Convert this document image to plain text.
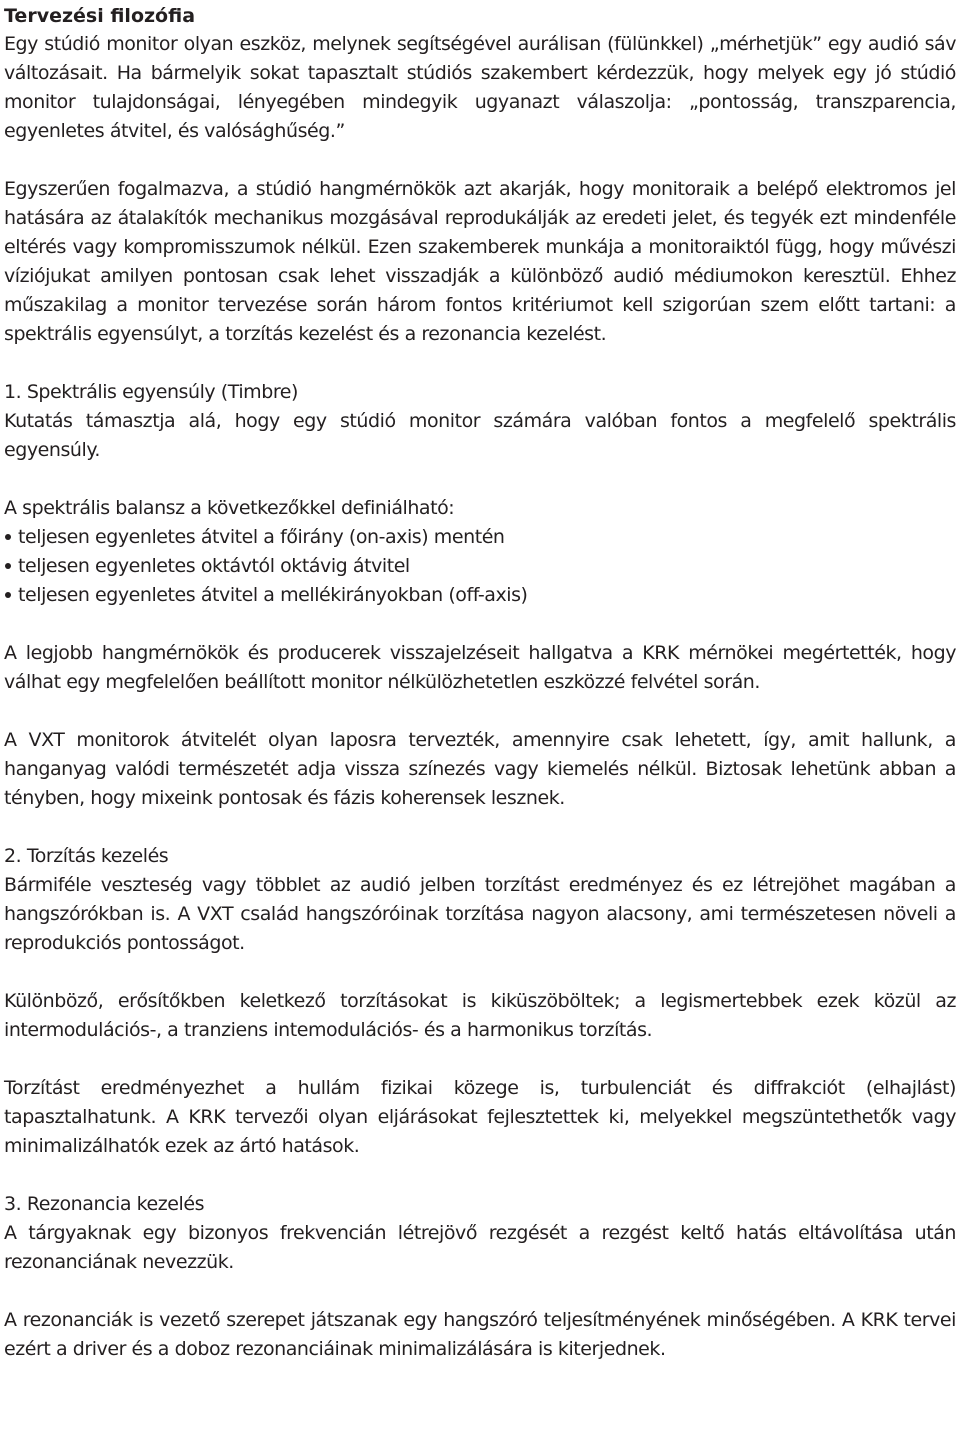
Tervezési filozófia

Egy stúdió monitor olyan eszköz, melynek segítségével aurálisan (fülünkkel) „mérhetjük” egy audió sáv változásait. Ha bármelyik sokat tapasztalt stúdiós szakembert kérdezzük, hogy melyek egy jó stúdió monitor tulajdonságai, lényegében mindegyik ugyanazt válaszolja: „pontosság, transzparencia, egyenletes átvitel, és valósághűség.”

Egyszerűen fogalmazva, a stúdió hangmérnökök azt akarják, hogy monitoraik a belépő elektromos jel hatására az átalakítók mechanikus mozgásával reprodukálják az eredeti jelet, és tegyék ezt mindenféle eltérés vagy kompromisszumok nélkül. Ezen szakemberek munkája a monitoraiktól függ, hogy művészi víziójukat amilyen pontosan csak lehet visszadják a különböző audió médiumokon keresztül. Ehhez műszakilag a monitor tervezése során három fontos kritériumot kell szigorúan szem előtt tartani: a spektrális egyensúlyt, a torzítás kezelést és a rezonancia kezelést.

1. Spektrális egyensúly (Timbre)

Kutatás támasztja alá, hogy egy stúdió monitor számára valóban fontos a megfelelő spektrális egyensúly.

A spektrális balansz a következőkkel definiálható:

teljesen egyenletes átvitel a főirány (on-axis) mentén
teljesen egyenletes oktávtól oktávig átvitel
teljesen egyenletes átvitel a mellékirányokban (off-axis)

A legjobb hangmérnökök és producerek visszajelzéseit hallgatva a KRK mérnökei megértették, hogy válhat egy megfelelően beállított monitor nélkülözhetetlen eszközzé felvétel során.

A VXT monitorok átvitelét olyan laposra tervezték, amennyire csak lehetett, így, amit hallunk, a hanganyag valódi természetét adja vissza színezés vagy kiemelés nélkül. Biztosak lehetünk abban a tényben, hogy mixeink pontosak és fázis koherensek lesznek.

2. Torzítás kezelés

Bármiféle veszteség vagy többlet az audió jelben torzítást eredményez és ez létrejöhet magában a hangszórókban is. A VXT család hangszóróinak torzítása nagyon alacsony, ami természetesen növeli a reprodukciós pontosságot.

Különböző, erősítőkben keletkező torzításokat is kiküszöböltek; a legismertebbek ezek közül az intermodulációs-, a tranziens intemodulációs- és a harmonikus torzítás.

Torzítást eredményezhet a hullám fizikai közege is, turbulenciát és diffrakciót (elhajlást) tapasztalhatunk. A KRK tervezői olyan eljárásokat fejlesztettek ki, melyekkel megszüntethetők vagy minimalizálhatók ezek az ártó hatások.

3. Rezonancia kezelés

A tárgyaknak egy bizonyos frekvencián létrejövő rezgését a rezgést keltő hatás eltávolítása után rezonanciának nevezzük.

A rezonanciák is vezető szerepet játszanak egy hangszóró teljesítményének minőségében. A KRK tervei ezért a driver és a doboz rezonanciáinak minimalizálására is kiterjednek.
